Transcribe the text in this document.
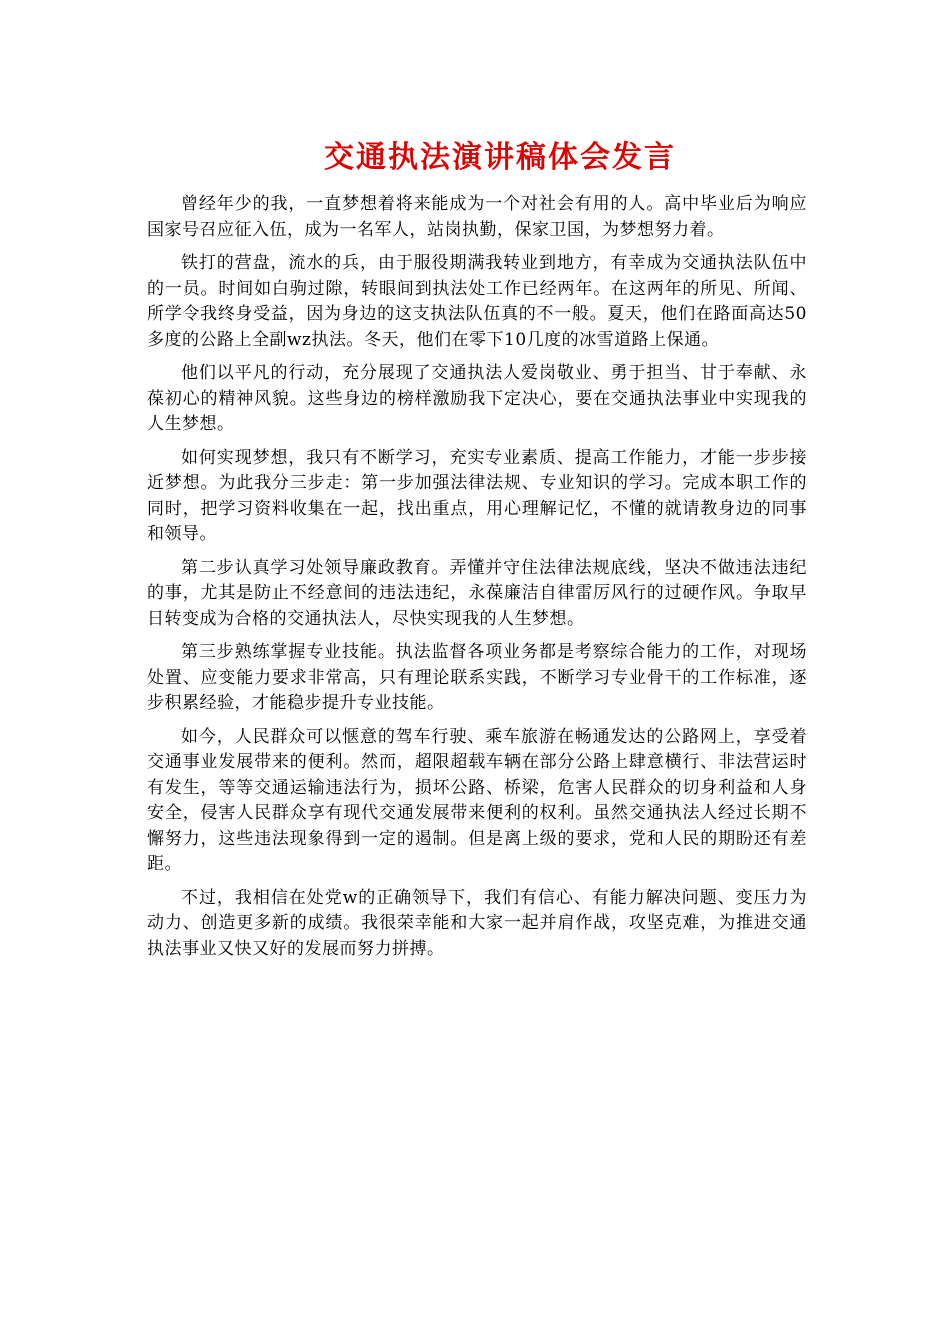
交通执法演讲稿体会发言

曾经年少的我，一直梦想着将来能成为一个对社会有用的人。高中毕业后为响应国家号召应征入伍，成为一名军人，站岗执勤，保家卫国，为梦想努力着。

铁打的营盘，流水的兵，由于服役期满我转业到地方，有幸成为交通执法队伍中的一员。时间如白驹过隙，转眼间到执法处工作已经两年。在这两年的所见、所闻、所学令我终身受益，因为身边的这支执法队伍真的不一般。夏天，他们在路面高达50多度的公路上全副wz执法。冬天，他们在零下10几度的冰雪道路上保通。

他们以平凡的行动，充分展现了交通执法人爱岗敬业、勇于担当、甘于奉献、永葆初心的精神风貌。这些身边的榜样激励我下定决心，要在交通执法事业中实现我的人生梦想。

如何实现梦想，我只有不断学习，充实专业素质、提高工作能力，才能一步步接近梦想。为此我分三步走：第一步加强法律法规、专业知识的学习。完成本职工作的同时，把学习资料收集在一起，找出重点，用心理解记忆，不懂的就请教身边的同事和领导。

第二步认真学习处领导廉政教育。弄懂并守住法律法规底线，坚决不做违法违纪的事，尤其是防止不经意间的违法违纪，永葆廉洁自律雷厉风行的过硬作风。争取早日转变成为合格的交通执法人，尽快实现我的人生梦想。

第三步熟练掌握专业技能。执法监督各项业务都是考察综合能力的工作，对现场处置、应变能力要求非常高，只有理论联系实践，不断学习专业骨干的工作标准，逐步积累经验，才能稳步提升专业技能。

如今，人民群众可以惬意的驾车行驶、乘车旅游在畅通发达的公路网上，享受着交通事业发展带来的便利。然而，超限超载车辆在部分公路上肆意横行、非法营运时有发生，等等交通运输违法行为，损坏公路、桥梁，危害人民群众的切身利益和人身安全，侵害人民群众享有现代交通发展带来便利的权利。虽然交通执法人经过长期不懈努力，这些违法现象得到一定的遏制。但是离上级的要求，党和人民的期盼还有差距。

不过，我相信在处党w的正确领导下，我们有信心、有能力解决问题、变压力为动力、创造更多新的成绩。我很荣幸能和大家一起并肩作战，攻坚克难，为推进交通执法事业又快又好的发展而努力拼搏。
